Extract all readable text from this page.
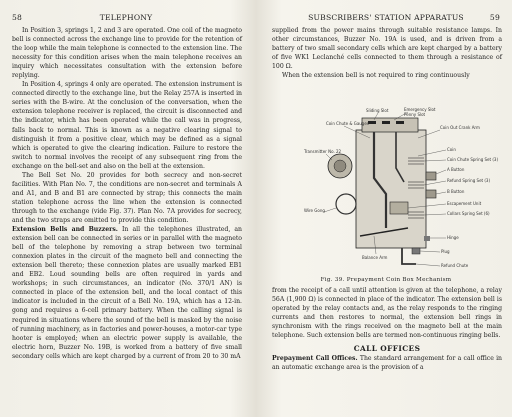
58	TELEPHONY

In Position 3, springs 1, 2 and 3 are operated. One coil of the magneto bell is connected across the exchange line to provide for the retention of the loop while the main telephone is connected to the extension line. The necessity for this condition arises when the main telephone receives an inquiry which necessitates consultation with the extension before replying.

In Position 4, springs 4 only are operated. The extension instrument is connected directly to the exchange line, but the Relay 257A is inserted in series with the B-wire. At the conclusion of the conversation, when the extension telephone receiver is replaced, the circuit is disconnected and the indicator, which has been operated while the call was in progress, falls back to normal. This is known as a negative clearing signal to distinguish it from a positive clear, which may be defined as a signal which is operated to give the clearing indication. Failure to restore the switch to normal involves the receipt of any subsequent ring from the exchange on the bell-set and also on the bell at the extension.

The Bell Set No. 20 provides for both secrecy and non-secret facilities. With Plan No. 7, the conditions are non-secret and terminals A and A1, and B and B1 are connected by strap; this connects the main station telephone across the line when the extension is connected through to the exchange (vide Fig. 37). Plan No. 7A provides for secrecy, and the two straps are omitted to provide this condition.

Extension Bells and Buzzers. In all the telephones illustrated, an extension bell can be connected in series or in parallel with the magneto bell of the telephone by removing a strap between two terminal connexion plates in the circuit of the magneto bell and connecting the extension bell thereto; these connexion plates are usually marked EB1 and EB2. Loud sounding bells are often required in yards and workshops; in such circumstances, an indicator (No. 370/1 AN) is connected in place of the extension bell, and the local contact of this indicator is included in the circuit of a Bell No. 19A, which has a 12-in. gong and requires a 6-cell primary battery. When the calling signal is required in situations where the sound of the bell is masked by the noise of running machinery, as in factories and power-houses, a motor-car type hooter is employed; when an electric power supply is available, the electric horn, Buzzer No. 19B, is worked from a battery of five small secondary cells which are kept charged by a current of from 20 to 30 mA

SUBSCRIBERS' STATION APPARATUS	59

supplied from the power mains through suitable resistance lamps. In other circumstances, Buzzer No. 19A is used, and is driven from a battery of two small secondary cells which are kept charged by a battery of five WK1 Leclanché cells connected to them through a resistance of 100 Ω.

When the extension bell is not required to ring continuously

Sliding Slot	Emergency Slot
Penny Slot
Coin Chute & Gauges
Coin Out Crank Arm
Transmitter No. 22	Coin
Coin Chute Spring Set (3)
A Button
Refund Spring Set (3)
B Button
Wire Gong
Escapement Unit
Collars Spring Set (6)
Hinge
Balance Arm
Plug
Refund Chute
Fig. 39. Prepayment Coin Box Mechanism

from the receipt of a call until attention is given at the telephone, a relay 56A (1,900 Ω) is connected in place of the indicator. The extension bell is operated by the relay contacts and, as the relay responds to the ringing currents and then restores to normal, the extension bell rings in synchronism with the rings received on the magneto bell at the main telephone. Such extension bells are termed non-continuous ringing bells.

CALL OFFICES

Prepayment Call Offices. The standard arrangement for a call office in an automatic exchange area is the provision of a
